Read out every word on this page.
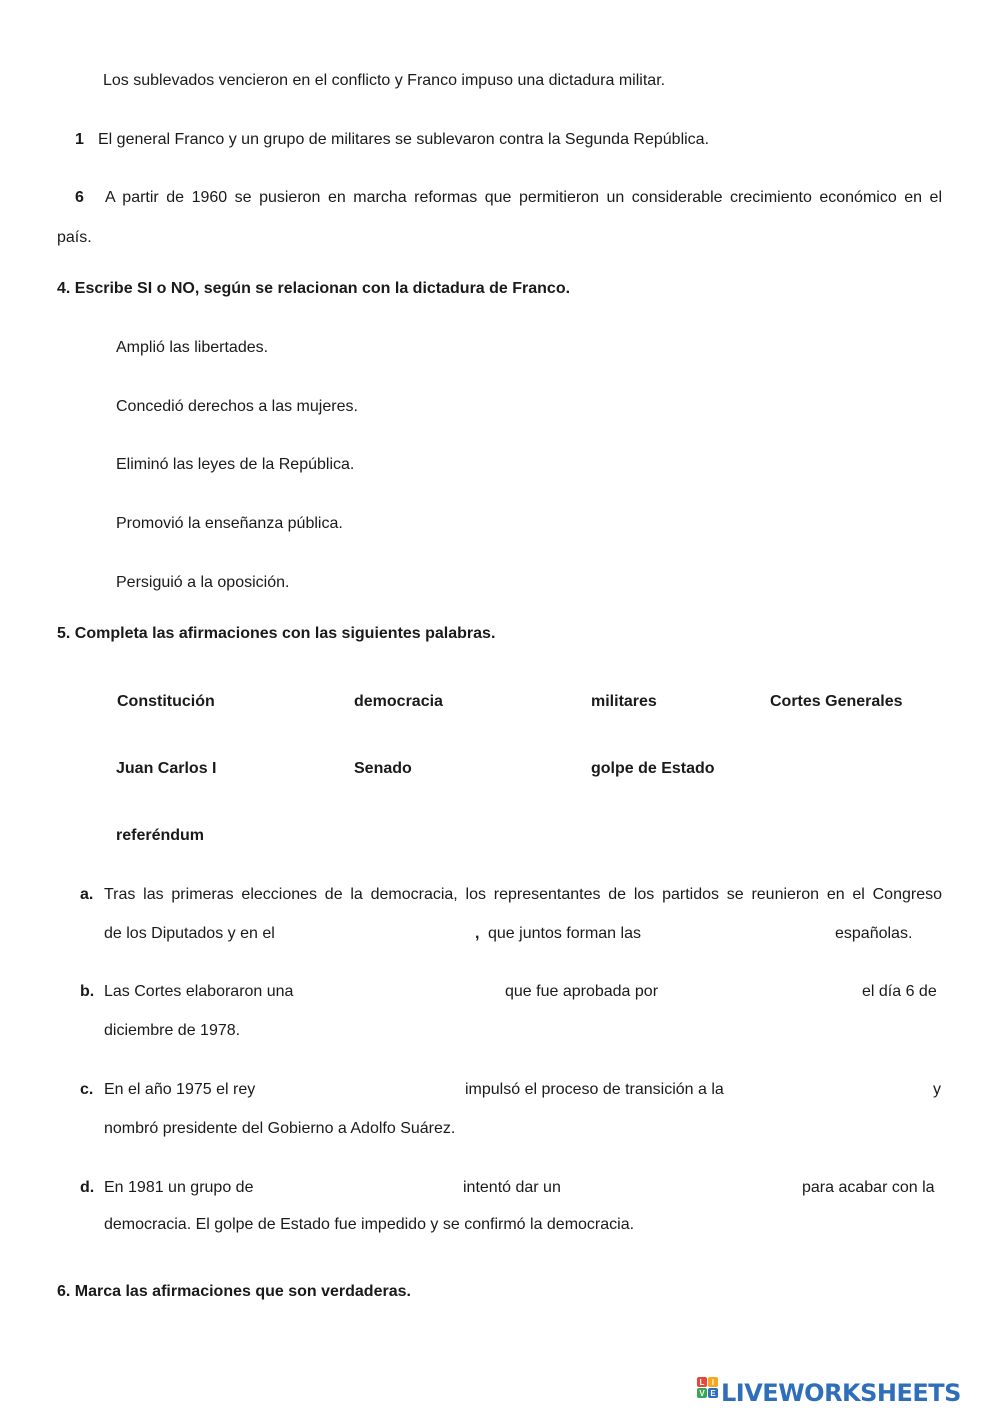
Los sublevados vencieron en el conflicto y Franco impuso una dictadura militar.
1 El general Franco y un grupo de militares se sublevaron contra la Segunda República.
6 A partir de 1960 se pusieron en marcha reformas que permitieron un considerable crecimiento económico en el
país.
4. Escribe SI o NO, según se relacionan con la dictadura de Franco.
Amplió las libertades.
Concedió derechos a las mujeres.
Eliminó las leyes de la República.
Promovió la enseñanza pública.
Persiguió a la oposición.
5. Completa las afirmaciones con las siguientes palabras.
Constitución	democracia	militares	Cortes Generales
Juan Carlos I	Senado	golpe de Estado
referéndum
a. Tras las primeras elecciones de la democracia, los representantes de los partidos se reunieron en el Congreso
de los Diputados y en el	, que juntos forman las	españolas.
b. Las Cortes elaboraron una	que fue aprobada por	el día 6 de
diciembre de 1978.
c. En el año 1975 el rey	impulsó el proceso de transición a la	y
nombró presidente del Gobierno a Adolfo Suárez.
d. En 1981 un grupo de	intentó dar un	para acabar con la
democracia. El golpe de Estado fue impedido y se confirmó la democracia.
6. Marca las afirmaciones que son verdaderas.
L I
V E LIVEWORKSHEETS
